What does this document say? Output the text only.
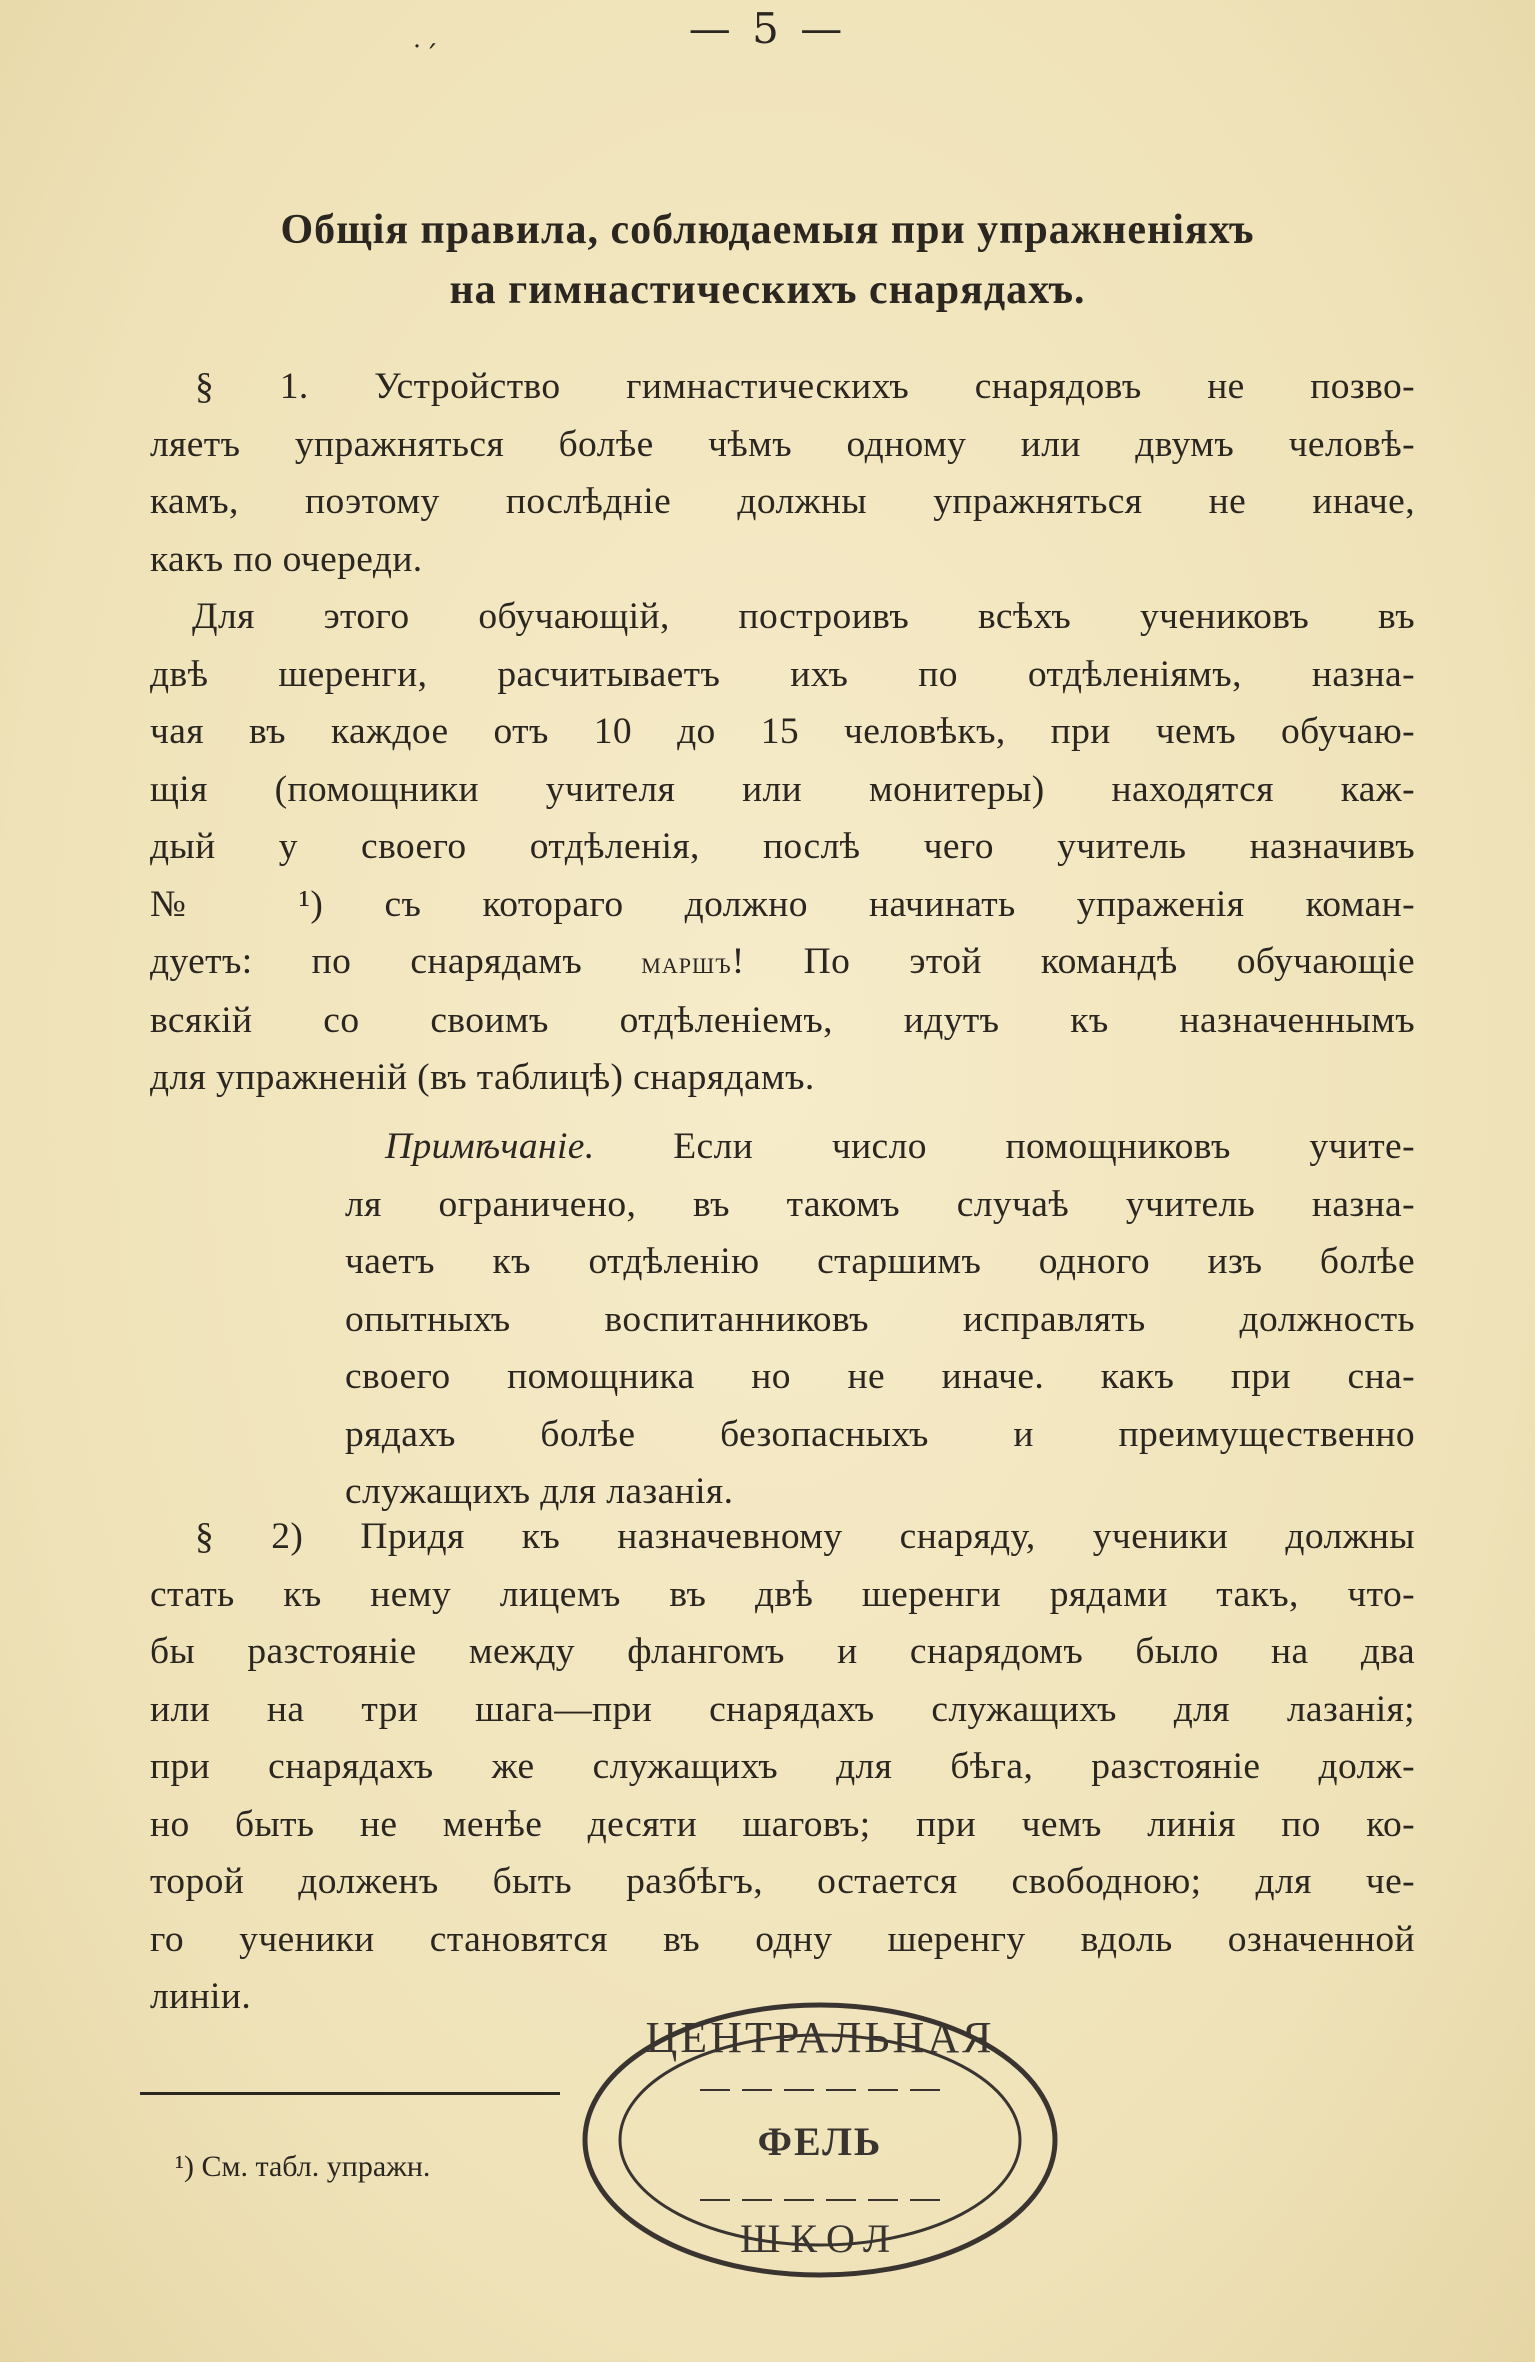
˙ˊ
— 5 —
Общія правила, соблюдаемыя при упражненіяхъ
на гимнастическихъ снарядахъ.
§ 1. Устройство гимнастическихъ снарядовъ не позво-
ляетъ упражняться болѣе чѣмъ одному или двумъ человѣ-
камъ, поэтому послѣдніе должны упражняться не иначе,
какъ по очереди.
Для этого обучающій, построивъ всѣхъ учениковъ въ
двѣ шеренги, расчитываетъ ихъ по отдѣленіямъ, назна-
чая въ каждое отъ 10 до 15 человѣкъ, при чемъ обучаю-
щія (помощники учителя или монитеры) находятся каж-
дый у своего отдѣленія, послѣ чего учитель назначивъ
№ ¹) съ котораго должно начинать упраженія коман-
дуетъ: по снарядамъ маршъ! По этой командѣ обучающіе
всякій со своимъ отдѣленіемъ, идутъ къ назначеннымъ
для упражненій (въ таблицѣ) снарядамъ.
Примѣчаніе. Если число помощниковъ учите-
ля ограничено, въ такомъ случаѣ учитель назна-
чаетъ къ отдѣленію старшимъ одного изъ болѣе
опытныхъ воспитанниковъ исправлять должность
своего помощника но не иначе. какъ при сна-
рядахъ болѣе безопасныхъ и преимущественно
служащихъ для лазанія.
§ 2) Придя къ назначевному снаряду, ученики должны
стать къ нему лицемъ въ двѣ шеренги рядами такъ, что-
бы разстояніе между флангомъ и снарядомъ было на два
или на три шага—при снарядахъ служащихъ для лазанія;
при снарядахъ же служащихъ для бѣга, разстояніе долж-
но быть не менѣе десяти шаговъ; при чемъ линія по ко-
торой долженъ быть разбѣгъ, остается свободною; для че-
го ученики становятся въ одну шеренгу вдоль означенной
линіи.
¹) См. табл. упражн.
ЦЕНТРАЛЬНАЯ
ФЕЛЬ
ШКОЛ
